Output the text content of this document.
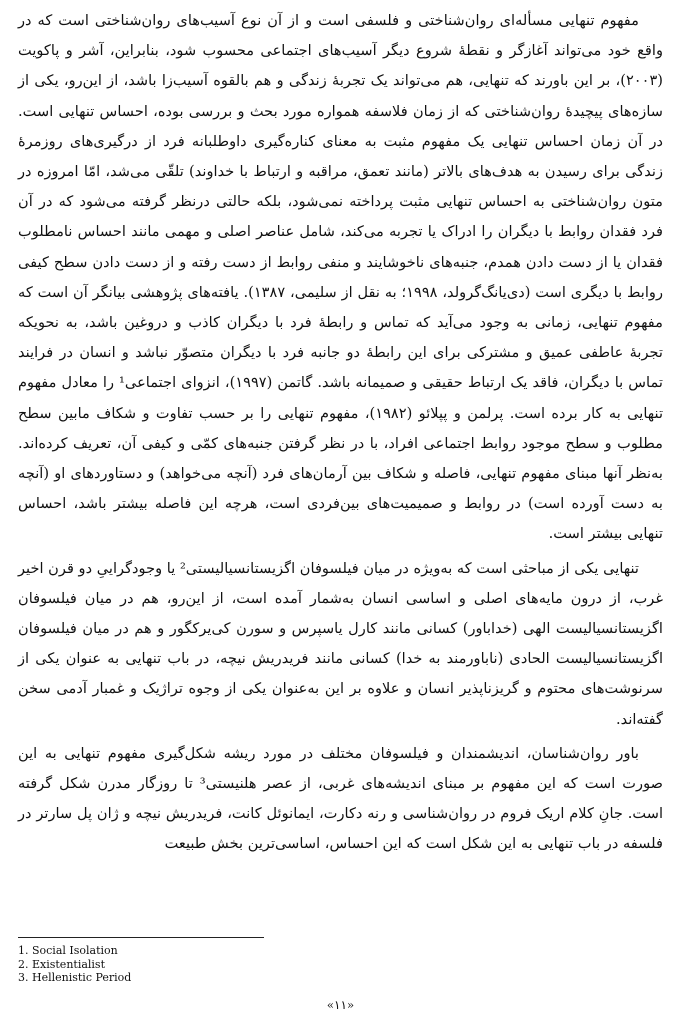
مفهوم تنهایی مسأله‌ای روان‌شناختی و فلسفی است و از آن نوع آسیب‌های روان‌شناختی است که در واقع خود می‌تواند آغازگر و نقطهٔ شروع دیگر آسیب‌های اجتماعی محسوب شود، بنابراین، آشر و پاکویت (۲۰۰۳)، بر این باورند که تنهایی، هم می‌تواند یک تجربهٔ زندگی و هم بالقوه آسیب‌زا باشد، از این‌رو، یکی از سازه‌های پیچیدهٔ روان‌شناختی که از زمان فلاسفه همواره مورد بحث و بررسی بوده، احساس تنهایی است. در آن زمان احساس تنهایی یک مفهوم مثبت به معنای کناره‌گیری داوطلبانه فرد از درگیری‌های روزمرهٔ زندگی برای رسیدن به هدف‌های بالاتر (مانند تعمق، مراقبه و ارتباط با خداوند) تلقّی می‌شد، امّا امروزه در متون روان‌شناختی به احساس تنهایی مثبت پرداخته نمی‌شود، بلکه حالتی درنظر گرفته می‌شود که در آن فرد فقدان روابط با دیگران را ادراک یا تجربه می‌کند، شامل عناصر اصلی و مهمی مانند احساس نامطلوب فقدان یا از دست دادن همدم، جنبه‌های ناخوشایند و منفی روابط از دست رفته و از دست دادن سطح کیفی روابط با دیگری است (دی‌یانگ‌گرولد، ۱۹۹۸؛ به نقل از سلیمی، ۱۳۸۷). یافته‌های پژوهشی بیانگر آن است که مفهوم تنهایی، زمانی به وجود می‌آید که تماس و رابطهٔ فرد با دیگران کاذب و دروغین باشد، به نحویکه تجربهٔ عاطفی عمیق و مشترکی برای این رابطهٔ دو جانبه فرد با دیگران متصوّر نباشد و انسان در فرایند تماس با دیگران، فاقد یک ارتباط حقیقی و صمیمانه باشد. گاتمن (۱۹۹۷)، انزوای اجتماعی¹ را معادل مفهوم تنهایی به کار برده است. پرلمن و پپلائو (۱۹۸۲)، مفهوم تنهایی را بر حسب تفاوت و شکاف مابین سطح مطلوب و سطح موجود روابط اجتماعی افراد، با در نظر گرفتن جنبه‌های کمّی و کیفی آن، تعریف کرده‌اند. به‌نظر آنها مبنای مفهوم تنهایی، فاصله و شکاف بین آرمان‌های فرد (آنچه می‌خواهد) و دستاوردهای او (آنچه به دست آورده است) در روابط و صمیمیت‌های بین‌فردی است، هرچه این فاصله بیشتر باشد، احساس تنهایی بیشتر است.

تنهایی یکی از مباحثی است که به‌ویژه در میان فیلسوفان اگزیستانسیالیستی² یا وجودگراییِ دو قرن اخیر غرب، از درون مایه‌های اصلی و اساسی انسان به‌شمار آمده است، از این‌رو، هم در میان فیلسوفان اگزیستانسیالیست الهی (خداباور) کسانی مانند کارل یاسپرس و سورن کی‌یرکگور و هم در میان فیلسوفان اگزیستانسیالیست الحادی (ناباورمند به خدا) کسانی مانند فریدریش نیچه، در باب تنهایی به عنوان یکی از سرنوشت‌های محتوم و گریزناپذیر انسان و علاوه بر این به‌عنوان یکی از وجوه تراژیک و غمبار آدمی سخن گفته‌اند.

باور روان‌شناسان، اندیشمندان و فیلسوفان مختلف در مورد ریشه شکل‌گیری مفهوم تنهایی به این صورت است که این مفهوم بر مبنای اندیشه‌های غربی، از عصر هلنیستی³ تا روزگار مدرن شکل گرفته است. جانِ کلام اریک فروم در روان‌شناسی و رنه دکارت، ایمانوئل کانت، فریدریش نیچه و ژان پل سارتر در فلسفه در باب تنهایی به این شکل است که این احساس، اساسی‌ترین بخش طبیعت

1. Social Isolation

2. Existentialist

3. Hellenistic Period

«۱۱»
